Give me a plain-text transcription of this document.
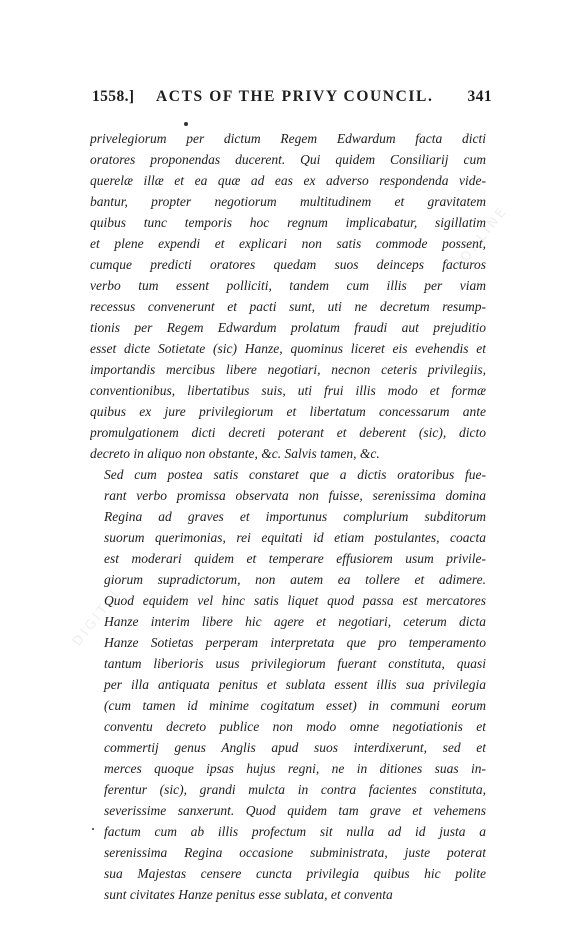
1558.] ACTS OF THE PRIVY COUNCIL. 341
ONLINE
DIGITAL

privelegiorum per dictum Regem Edwardum facta dicti
oratores proponendas ducerent. Qui quidem Consiliarij cum
querelæ illæ et ea quæ ad eas ex adverso respondenda vide-
bantur, propter negotiorum multitudinem et gravitatem
quibus tunc temporis hoc regnum implicabatur, sigillatim
et plene expendi et explicari non satis commode possent,
cumque predicti oratores quedam suos deinceps facturos
verbo tum essent polliciti, tandem cum illis per viam
recessus convenerunt et pacti sunt, uti ne decretum resump-
tionis per Regem Edwardum prolatum fraudi aut prejuditio
esset dicte Sotietate (sic) Hanze, quominus liceret eis evehendis et
importandis mercibus libere negotiari, necnon ceteris privilegiis,
conventionibus, libertatibus suis, uti frui illis modo et formæ
quibus ex jure privilegiorum et libertatum concessarum ante
promulgationem dicti decreti poterant et deberent (sic), dicto
decreto in aliquo non obstante, &c. Salvis tamen, &c.

Sed cum postea satis constaret que a dictis oratoribus fue-
rant verbo promissa observata non fuisse, serenissima domina
Regina ad graves et importunus complurium subditorum
suorum querimonias, rei equitati id etiam postulantes, coacta
est moderari quidem et temperare effusiorem usum privile-
giorum supradictorum, non autem ea tollere et adimere.
Quod equidem vel hinc satis liquet quod passa est mercatores
Hanze interim libere hic agere et negotiari, ceterum dicta
Hanze Sotietas perperam interpretata que pro temperamento
tantum liberioris usus privilegiorum fuerant constituta, quasi
per illa antiquata penitus et sublata essent illis sua privilegia
(cum tamen id minime cogitatum esset) in communi eorum
conventu decreto publice non modo omne negotiationis et
commertij genus Anglis apud suos interdixerunt, sed et
merces quoque ipsas hujus regni, ne in ditiones suas in-
ferentur (sic), grandi mulcta in contra facientes constituta,
severissime sanxerunt. Quod quidem tam grave et vehemens
factum cum ab illis profectum sit nulla ad id justa a
serenissima Regina occasione subministrata, juste poterat
sua Majestas censere cuncta privilegia quibus hic polite
sunt civitates Hanze penitus esse sublata, et conventa
